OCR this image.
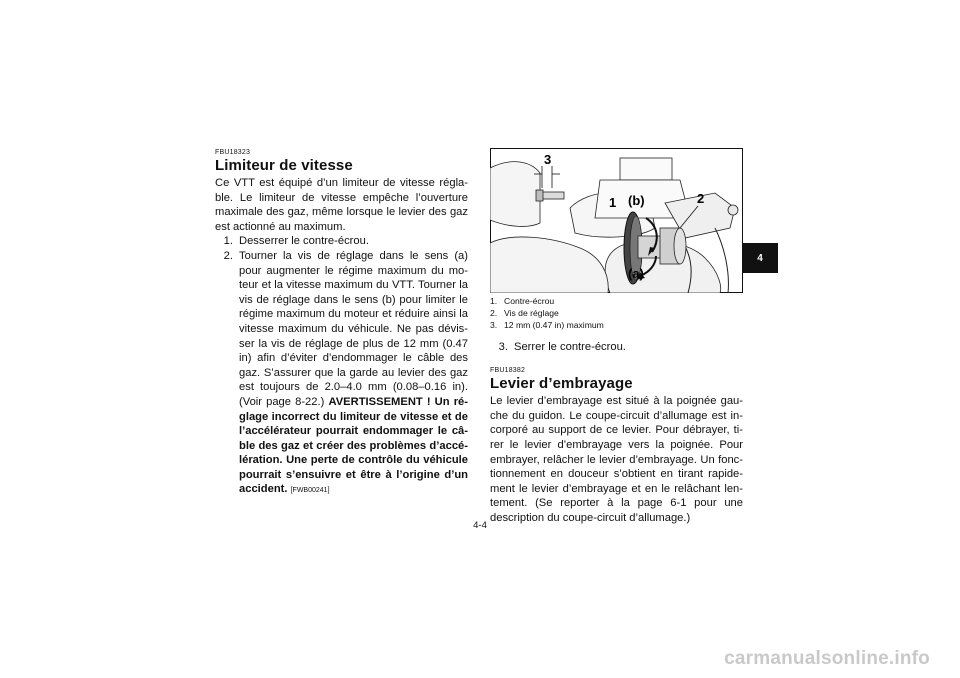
FBU18323

Limiteur de vitesse

Ce VTT est équipé d’un limiteur de vitesse régla-ble. Le limiteur de vitesse empêche l’ouverture maximale des gaz, même lorsque le levier des gaz est actionné au maximum.

1. Desserrer le contre-écrou.
2. Tourner la vis de réglage dans le sens (a) pour augmenter le régime maximum du mo-teur et la vitesse maximum du VTT. Tourner la vis de réglage dans le sens (b) pour limiter le régime maximum du moteur et réduire ainsi la vitesse maximum du véhicule. Ne pas dévis-ser la vis de réglage de plus de 12 mm (0.47 in) afin d’éviter d’endommager le câble des gaz. S’assurer que la garde au levier des gaz est toujours de 2.0–4.0 mm (0.08–0.16 in). (Voir page 8-22.) AVERTISSEMENT ! Un ré-glage incorrect du limiteur de vitesse et de l’accélérateur pourrait endommager le câ-ble des gaz et créer des problèmes d’accé-lération. Une perte de contrôle du véhicule pourrait s’ensuivre et être à l’origine d’un accident. [FWB00241]
3
1 (b)	2
(a)

1. Contre-écrou

2. Vis de réglage

3. 12 mm (0.47 in) maximum

3. Serrer le contre-écrou.

FBU18382

Levier d’embrayage

Le levier d’embrayage est situé à la poignée gau-che du guidon. Le coupe-circuit d’allumage est in-corporé au support de ce levier. Pour débrayer, ti-rer le levier d’embrayage vers la poignée. Pour embrayer, relâcher le levier d’embrayage. Un fonc-tionnement en douceur s’obtient en tirant rapide-ment le levier d’embrayage et en le relâchant len-tement. (Se reporter à la page 6-1 pour une description du coupe-circuit d’allumage.)

4
4-4
carmanualsonline.info
